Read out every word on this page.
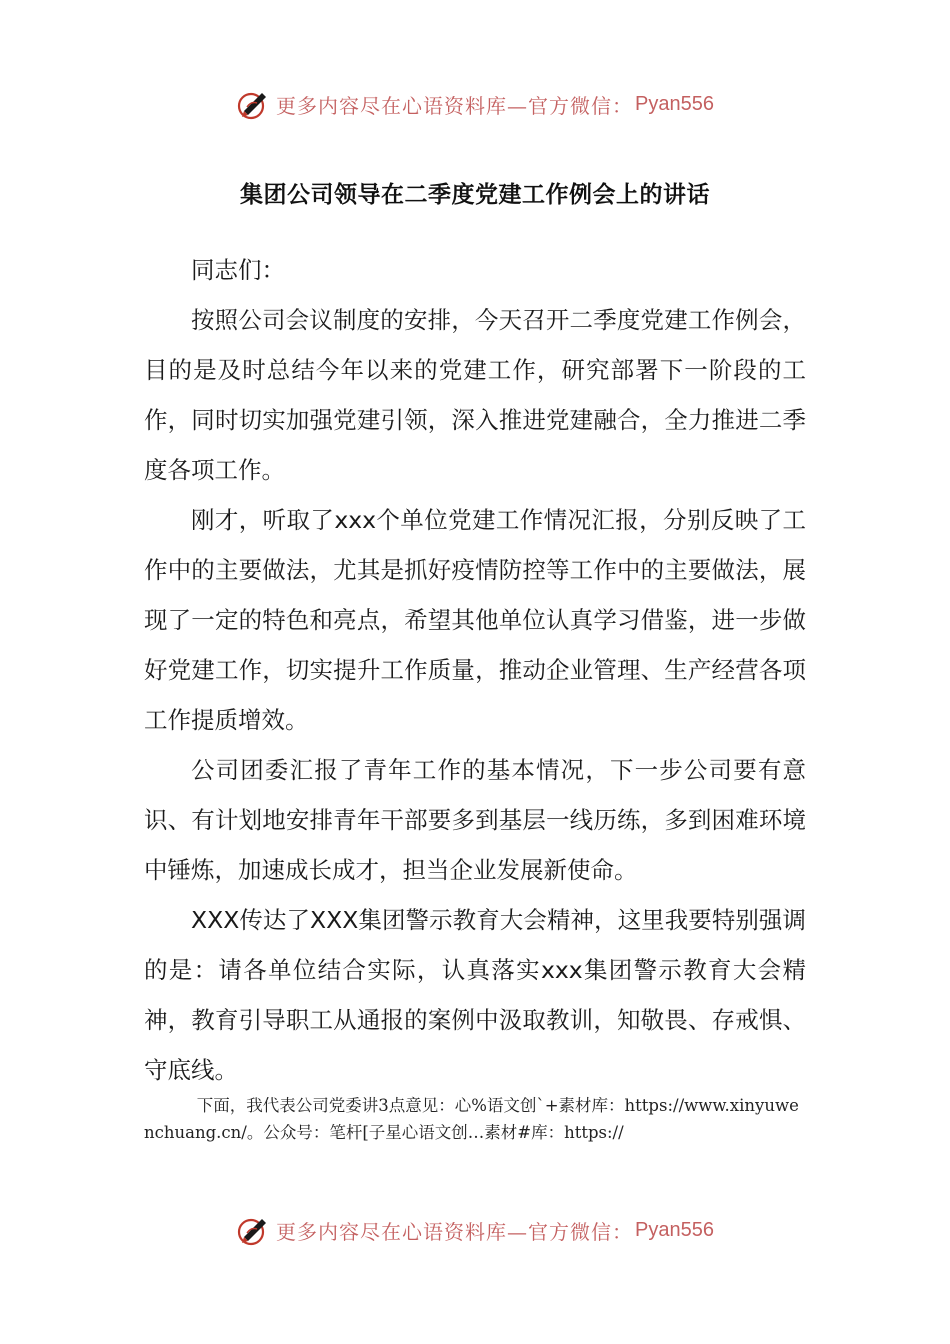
更多内容尽在心语资料库—官方微信： Pyan556
集团公司领导在二季度党建工作例会上的讲话

同志们：

按照公司会议制度的安排，今天召开二季度党建工作例会，目的是及时总结今年以来的党建工作，研究部署下一阶段的工作，同时切实加强党建引领，深入推进党建融合，全力推进二季度各项工作。

刚才，听取了xxx个单位党建工作情况汇报，分别反映了工作中的主要做法，尤其是抓好疫情防控等工作中的主要做法，展现了一定的特色和亮点，希望其他单位认真学习借鉴，进一步做好党建工作，切实提升工作质量，推动企业管理、生产经营各项工作提质增效。

公司团委汇报了青年工作的基本情况，下一步公司要有意识、有计划地安排青年干部要多到基层一线历练，多到困难环境中锤炼，加速成长成才，担当企业发展新使命。

XXX传达了XXX集团警示教育大会精神，这里我要特别强调的是：请各单位结合实际，认真落实xxx集团警示教育大会精神，教育引导职工从通报的案例中汲取教训，知敬畏、存戒惧、守底线。

下面，我代表公司党委讲3点意见：心%语文创`+素材库：https://www.xinyuwenchuang.cn/。公众号：笔杆[子星心语文创…素材#库：https://

更多内容尽在心语资料库—官方微信： Pyan556
